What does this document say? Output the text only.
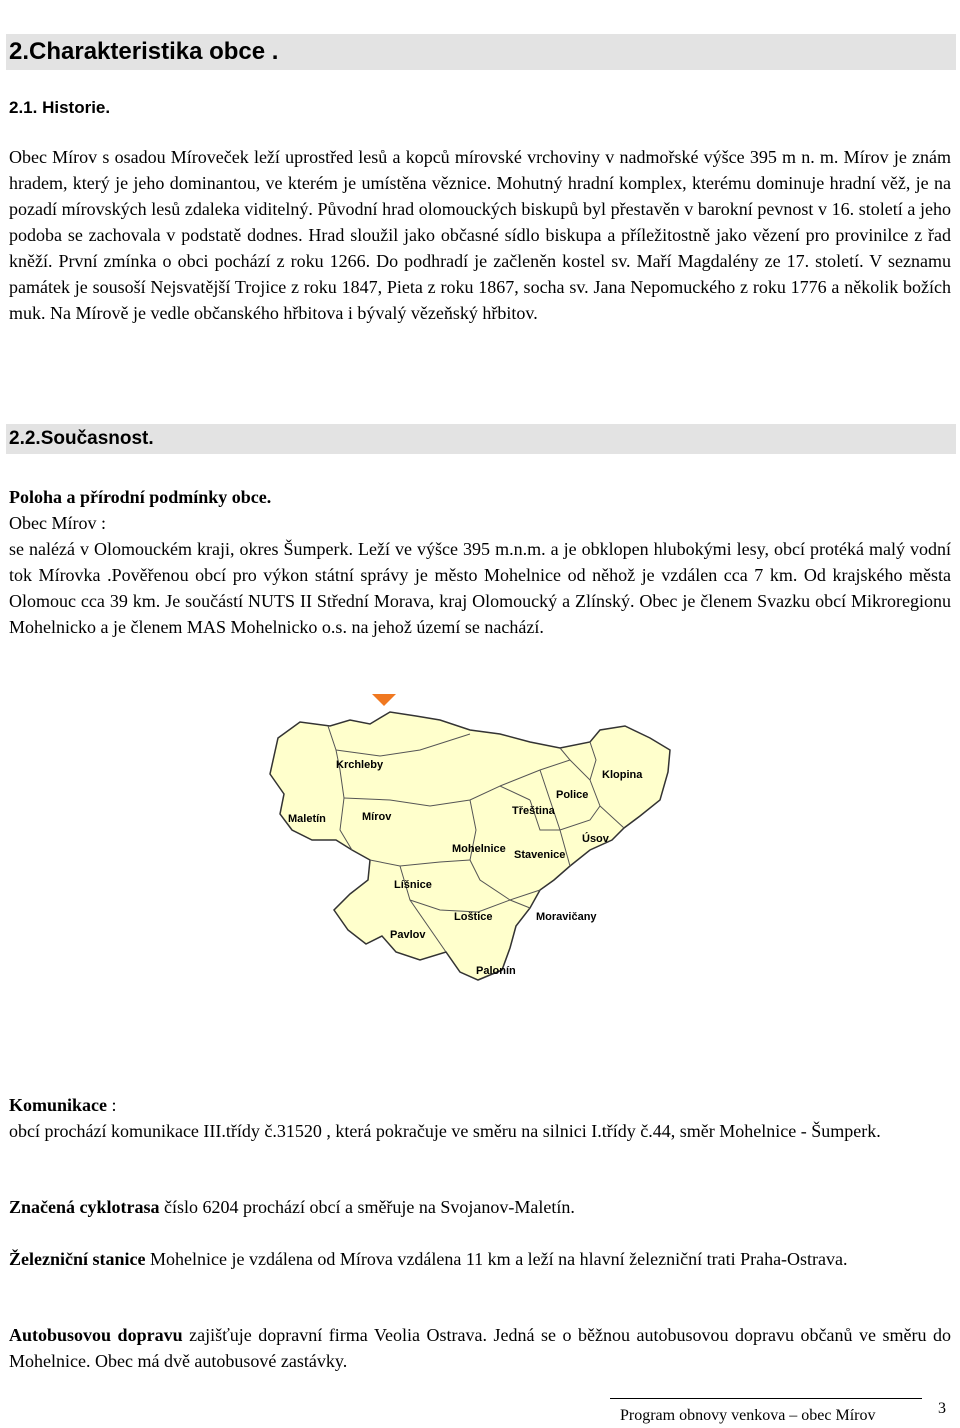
2.Charakteristika obce .
2.1. Historie.

Obec Mírov s osadou Míroveček leží uprostřed lesů a kopců mírovské vrchoviny v nadmořské výšce 395 m n. m. Mírov je znám hradem, který je jeho dominantou, ve kterém je umístěna věznice. Mohutný hradní komplex, kterému dominuje hradní věž, je na pozadí mírovských lesů zdaleka viditelný. Původní hrad olomouckých biskupů byl přestavěn v barokní pevnost v 16. století a jeho podoba se zachovala v podstatě dodnes. Hrad sloužil jako občasné sídlo biskupa a příležitostně jako vězení pro provinilce z řad kněží. První zmínka o obci pochází z roku 1266. Do podhradí je začleněn kostel sv. Maří Magdalény ze 17. století. V seznamu památek je sousoší Nejsvatější Trojice z roku 1847, Pieta z roku 1867, socha sv. Jana Nepomuckého z roku 1776 a několik božích muk. Na Mírově je vedle občanského hřbitova i bývalý vězeňský hřbitov.

2.2.Současnost.
Poloha a přírodní podmínky obce.
Obec Mírov :

se nalézá v Olomouckém kraji, okres Šumperk. Leží ve výšce 395 m.n.m. a je obklopen hlubokými lesy, obcí protéká malý vodní tok Mírovka .Pověřenou obcí pro výkon státní správy je město Mohelnice od něhož je vzdálen cca 7 km. Od krajského města Olomouc cca 39 km. Je součástí NUTS II Střední Morava, kraj Olomoucký a Zlínský. Obec je členem Svazku obcí Mikroregionu Mohelnicko a je členem MAS Mohelnicko o.s. na jehož území se nachází.

Krchleby
Maletín	Mírov	Třeština
Police
Klopina
Mohelnice Stavenice
Úsov
Líšnice
Loštice	Moravičany
Pavlov
Palonín
Komunikace :

obcí prochází komunikace III.třídy č.31520 , která pokračuje ve směru na silnici I.třídy č.44, směr Mohelnice - Šumperk.

Značená cyklotrasa číslo 6204 prochází obcí a směřuje na Svojanov-Maletín.

Železniční stanice Mohelnice je vzdálena od Mírova vzdálena 11 km a leží na hlavní železniční trati Praha-Ostrava.

Autobusovou dopravu zajišťuje dopravní firma Veolia Ostrava. Jedná se o běžnou autobusovou dopravu občanů ve směru do Mohelnice. Obec má dvě autobusové zastávky.

Program obnovy venkova – obec Mírov	3
